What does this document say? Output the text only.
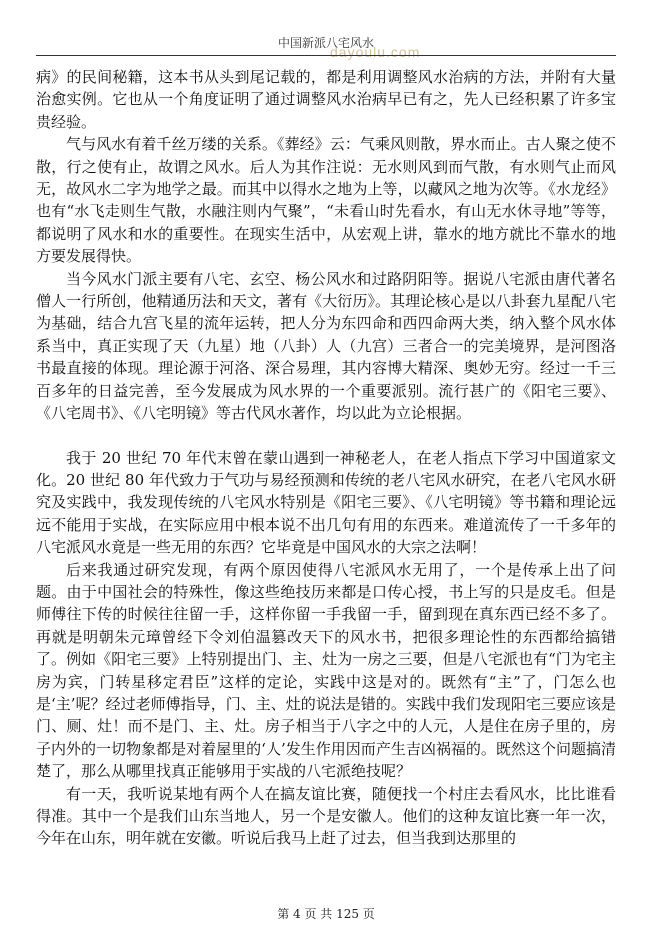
中国新派八宅风水
dayoulu.com

病》的民间秘籍，这本书从头到尾记载的，都是利用调整风水治病的方法，并附有大量治愈实例。它也从一个角度证明了通过调整风水治病早已有之，先人已经积累了许多宝贵经验。

气与风水有着千丝万缕的关系。《葬经》云：气乘风则散，界水而止。古人聚之使不散，行之使有止，故谓之风水。后人为其作注说：无水则风到而气散，有水则气止而风无，故风水二字为地学之最。而其中以得水之地为上等，以藏风之地为次等。《水龙经》也有“水飞走则生气散，水融注则内气聚”，“未看山时先看水，有山无水休寻地”等等，都说明了风水和水的重要性。在现实生活中，从宏观上讲，靠水的地方就比不靠水的地方要发展得快。

当今风水门派主要有八宅、玄空、杨公风水和过路阴阳等。据说八宅派由唐代著名僧人一行所创，他精通历法和天文，著有《大衍历》。其理论核心是以八卦套九星配八宅为基础，结合九宫飞星的流年运转，把人分为东四命和西四命两大类，纳入整个风水体系当中，真正实现了天（九星）地（八卦）人（九宫）三者合一的完美境界，是河图洛书最直接的体现。理论源于河洛、深合易理，其内容博大精深、奥妙无穷。经过一千三百多年的日益完善，至今发展成为风水界的一个重要派别。流行甚广的《阳宅三要》、《八宅周书》、《八宅明镜》等古代风水著作，均以此为立论根据。

我于 20 世纪 70 年代末曾在蒙山遇到一神秘老人，在老人指点下学习中国道家文化。20 世纪 80 年代致力于气功与易经预测和传统的老八宅风水研究，在老八宅风水研究及实践中，我发现传统的八宅风水特别是《阳宅三要》、《八宅明镜》等书籍和理论远远不能用于实战，在实际应用中根本说不出几句有用的东西来。难道流传了一千多年的八宅派风水竟是一些无用的东西？它毕竟是中国风水的大宗之法啊！

后来我通过研究发现，有两个原因使得八宅派风水无用了，一个是传承上出了问题。由于中国社会的特殊性，像这些绝技历来都是口传心授，书上写的只是皮毛。但是师傅往下传的时候往往留一手，这样你留一手我留一手，留到现在真东西已经不多了。再就是明朝朱元璋曾经下令刘伯温篡改天下的风水书，把很多理论性的东西都给搞错了。例如《阳宅三要》上特别提出门、主、灶为一房之三要，但是八宅派也有“门为宅主房为宾，门转星移定君臣”这样的定论，实践中这是对的。既然有“主”了，门怎么也是‘主’呢？经过老师傅指导，门、主、灶的说法是错的。实践中我们发现阳宅三要应该是门、厕、灶！而不是门、主、灶。房子相当于八字之中的人元，人是住在房子里的，房子内外的一切物象都是对着屋里的‘人’发生作用因而产生吉凶祸福的。既然这个问题搞清楚了，那么从哪里找真正能够用于实战的八宅派绝技呢？

有一天，我听说某地有两个人在搞友谊比赛，随便找一个村庄去看风水，比比谁看得准。其中一个是我们山东当地人，另一个是安徽人。他们的这种友谊比赛一年一次，今年在山东，明年就在安徽。听说后我马上赶了过去，但当我到达那里的

第 4 页 共 125 页
